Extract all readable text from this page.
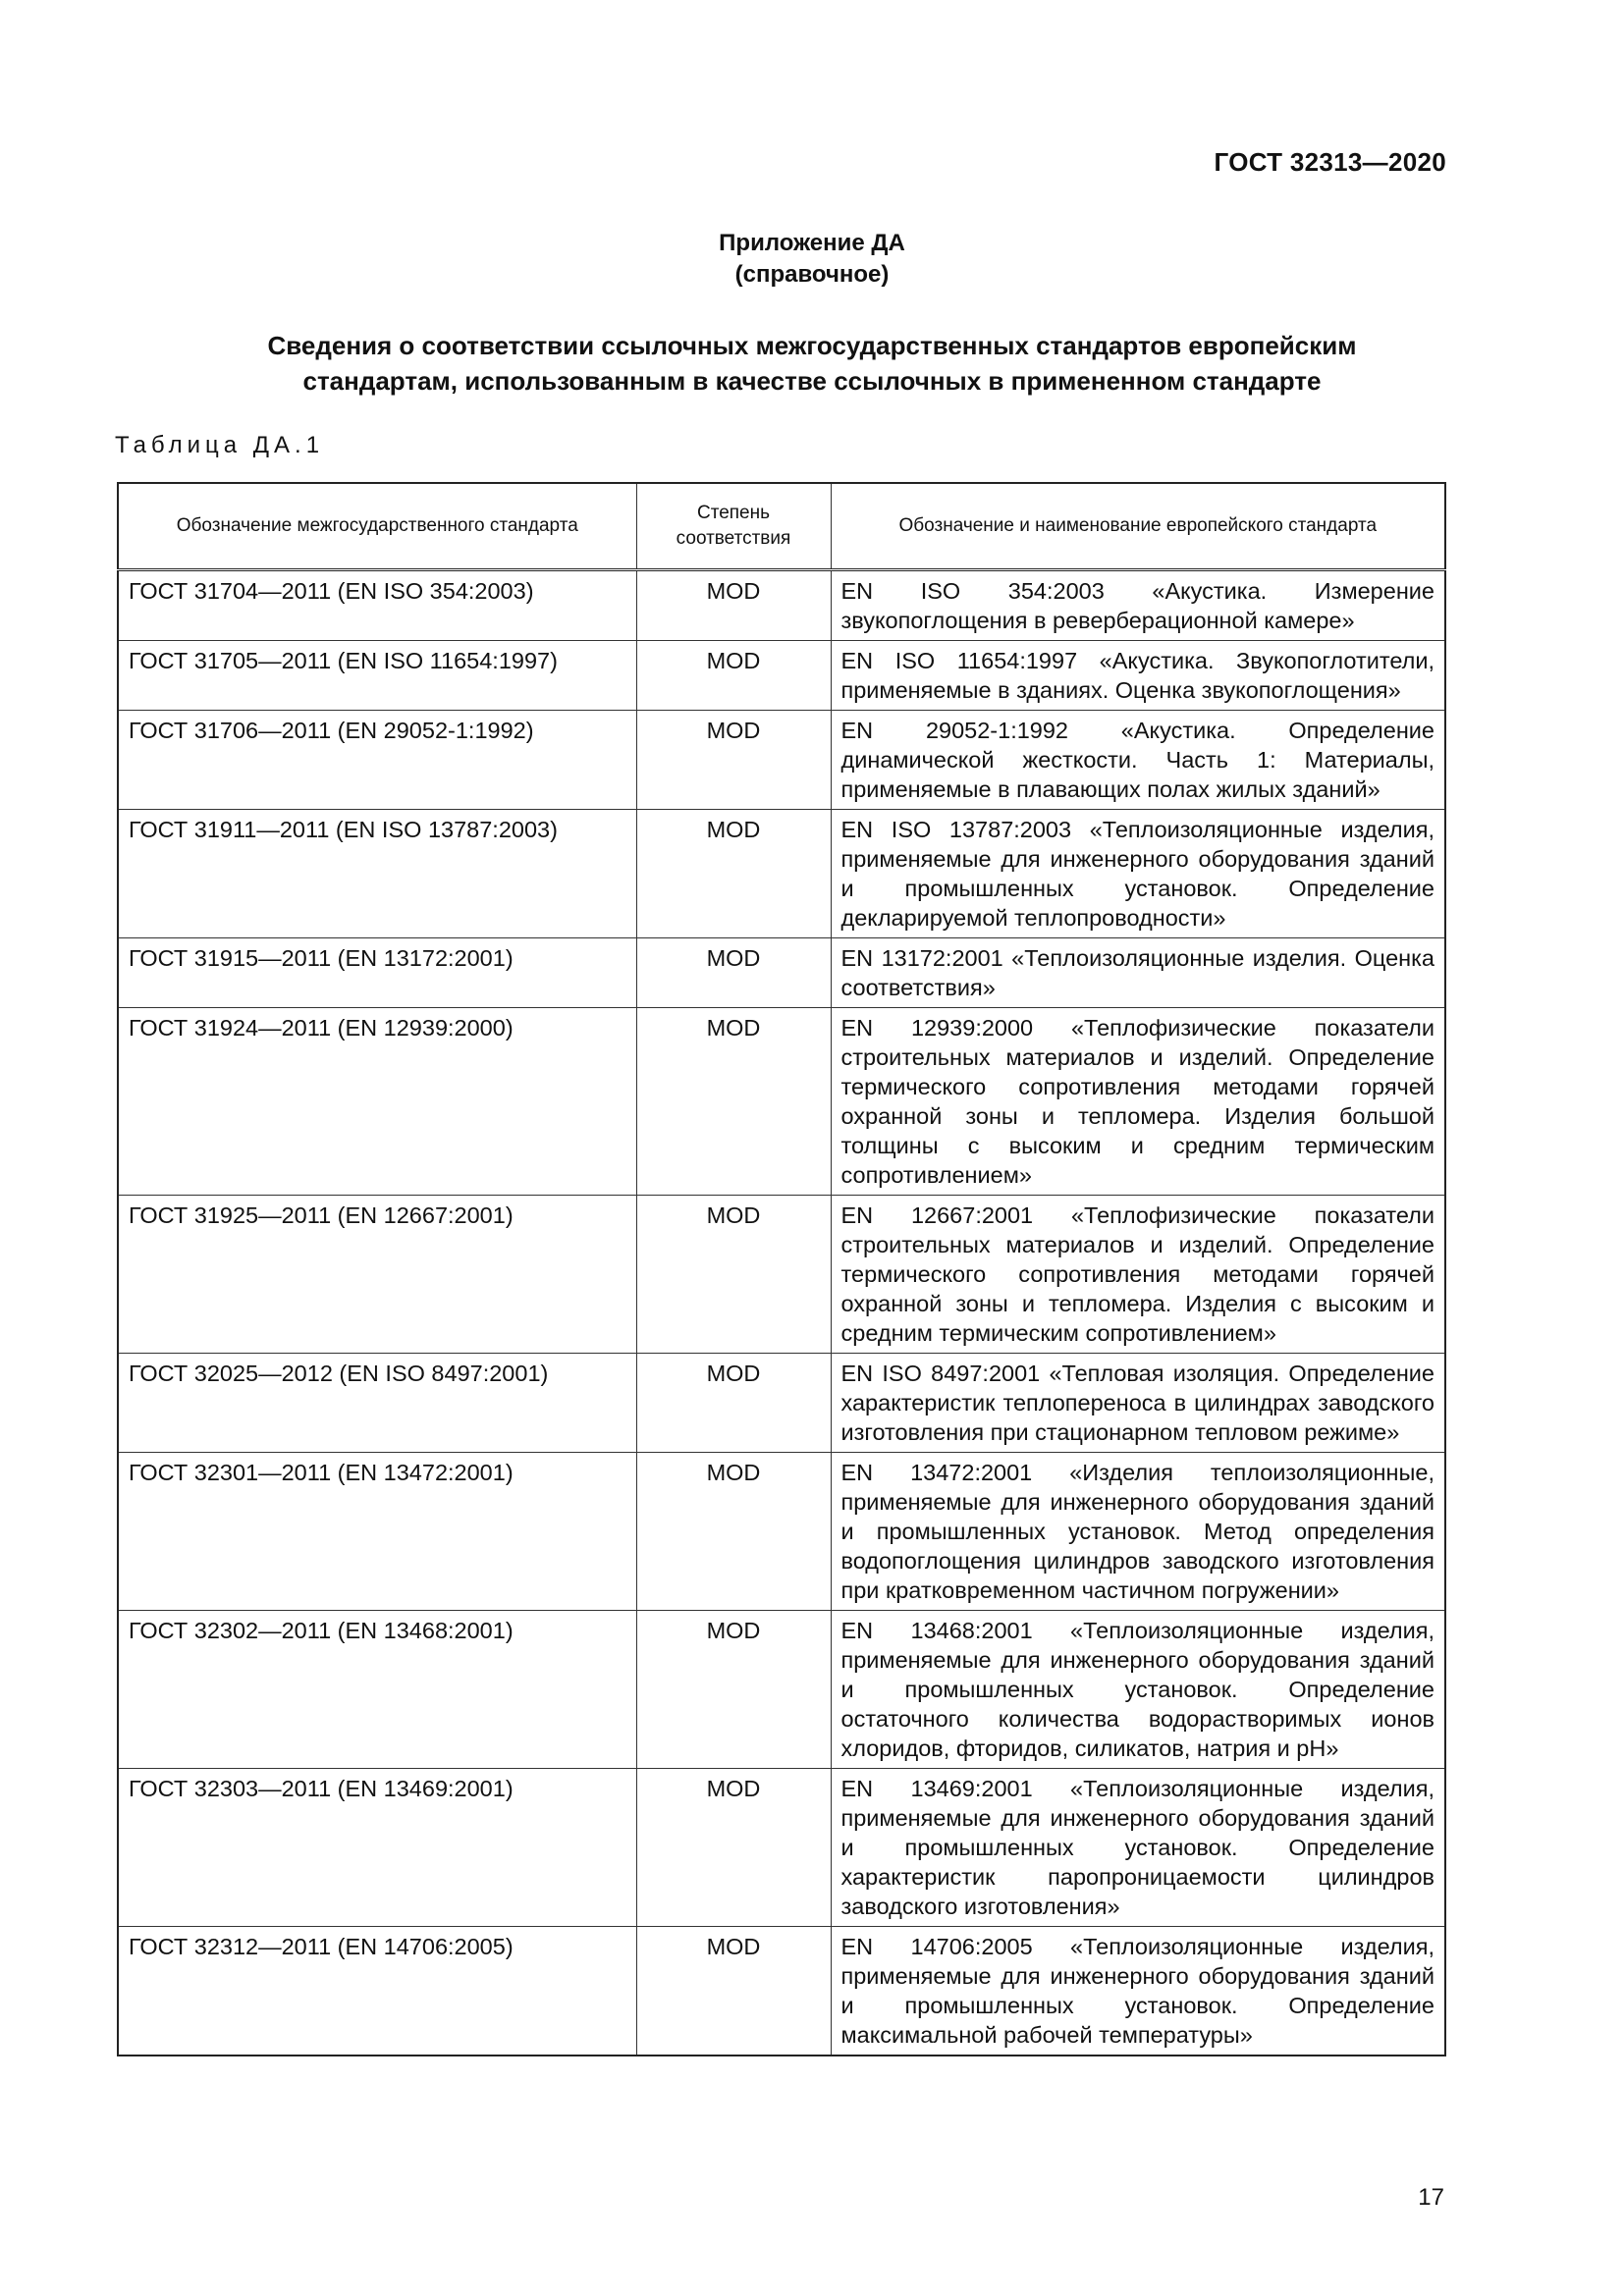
ГОСТ 32313—2020
Приложение ДА
(справочное)
Сведения о соответствии ссылочных межгосударственных стандартов европейским
стандартам, использованным в качестве ссылочных в примененном стандарте
Таблица ДА.1
Обозначение межгосударственного стандарта	Степень соответствия	Обозначение и наименование европейского стандарта
ГОСТ 31704—2011 (EN ISO 354:2003)	MOD	EN ISO 354:2003 «Акустика. Измерение звукопоглощения в реверберационной камере»
ГОСТ 31705—2011 (EN ISO 11654:1997)	MOD	EN ISO 11654:1997 «Акустика. Звукопоглотители, применяемые в зданиях. Оценка звукопоглощения»
ГОСТ 31706—2011 (EN 29052-1:1992)	MOD	EN 29052-1:1992 «Акустика. Определение динамической жесткости. Часть 1: Материалы, применяемые в плавающих полах жилых зданий»
ГОСТ 31911—2011 (EN ISO 13787:2003)	MOD	EN ISO 13787:2003 «Теплоизоляционные изделия, применяемые для инженерного оборудования зданий и промышленных установок. Определение декларируемой теплопроводности»
ГОСТ 31915—2011 (EN 13172:2001)	MOD	EN 13172:2001 «Теплоизоляционные изделия. Оценка соответствия»
ГОСТ 31924—2011 (EN 12939:2000)	MOD	EN 12939:2000 «Теплофизические показатели строительных материалов и изделий. Определение термического сопротивления методами горячей охранной зоны и тепломера. Изделия большой толщины с высоким и средним термическим сопротивлением»
ГОСТ 31925—2011 (EN 12667:2001)	MOD	EN 12667:2001 «Теплофизические показатели строительных материалов и изделий. Определение термического сопротивления методами горячей охранной зоны и тепломера. Изделия с высоким и средним термическим сопротивлением»
ГОСТ 32025—2012 (EN ISO 8497:2001)	MOD	EN ISO 8497:2001 «Тепловая изоляция. Определение характеристик теплопереноса в цилиндрах заводского изготовления при стационарном тепловом режиме»
ГОСТ 32301—2011 (EN 13472:2001)	MOD	EN 13472:2001 «Изделия теплоизоляционные, применяемые для инженерного оборудования зданий и промышленных установок. Метод определения водопоглощения цилиндров заводского изготовления при кратковременном частичном погружении»
ГОСТ 32302—2011 (EN 13468:2001)	MOD	EN 13468:2001 «Теплоизоляционные изделия, применяемые для инженерного оборудования зданий и промышленных установок. Определение остаточного количества водорастворимых ионов хлоридов, фторидов, силикатов, натрия и pH»
ГОСТ 32303—2011 (EN 13469:2001)	MOD	EN 13469:2001 «Теплоизоляционные изделия, применяемые для инженерного оборудования зданий и промышленных установок. Определение характеристик паропроницаемости цилиндров заводского изготовления»
ГОСТ 32312—2011 (EN 14706:2005)	MOD	EN 14706:2005 «Теплоизоляционные изделия, применяемые для инженерного оборудования зданий и промышленных установок. Определение максимальной рабочей температуры»
17
